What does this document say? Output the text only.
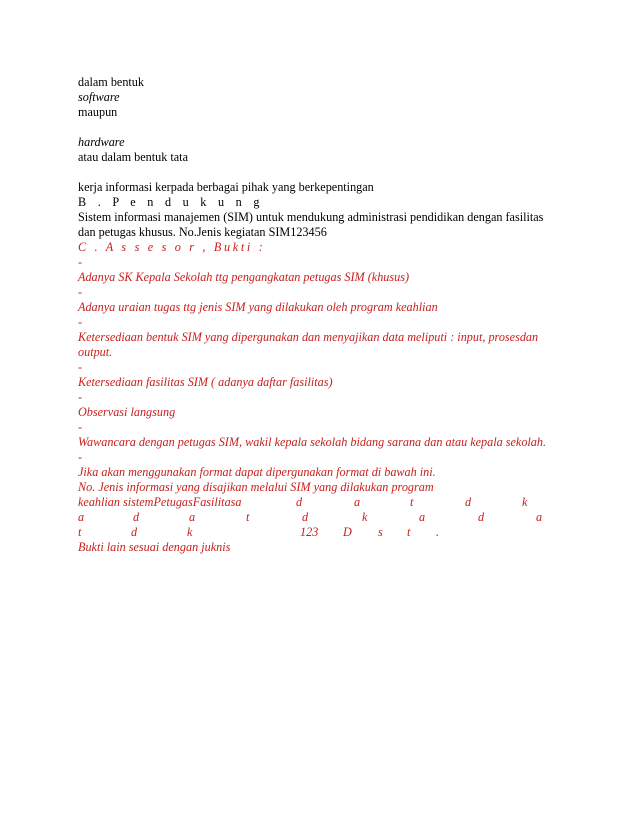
dalam bentuk
software
maupun
hardware
atau dalam bentuk tata
kerja informasi kerpada berbagai pihak yang berkepentingan
B . P e n d u k u n g
Sistem informasi manajemen (SIM) untuk mendukung administrasi pendidikan dengan fasilitas
dan petugas khusus. No.Jenis kegiatan SIM123456
C . A s s e s o r , Bukti :
-
Adanya SK Kepala Sekolah ttg pengangkatan petugas SIM (khusus)
-
Adanya uraian tugas ttg jenis SIM yang dilakukan oleh program keahlian
-
Ketersediaan bentuk SIM yang dipergunakan dan menyajikan data meliputi : input, prosesdan
output.
-
Ketersediaan fasilitas SIM ( adanya daftar fasilitas)
-
Observasi langsung
-
Wawancara dengan petugas SIM, wakil kepala sekolah bidang sarana dan atau kepala sekolah.
-
Jika akan menggunakan format dapat dipergunakan format di bawah ini.
No. Jenis informasi yang disajikan melalui SIM yang dilakukan program
keahlian sistemPetugasFasilitasa	d	a	t	d	k
a	d	a	t	d	k	a	d	a
t	d	k	123 D s t .
Bukti lain sesuai dengan juknis
